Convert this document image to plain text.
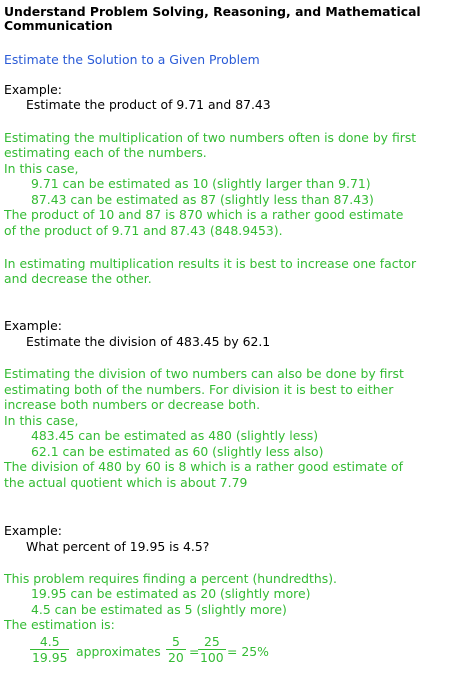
Understand Problem Solving, Reasoning, and Mathematical Communication
Estimate the Solution to a Given Problem
Example:
Estimate the product of 9.71 and 87.43
Estimating the multiplication of two numbers often is done by first
estimating each of the numbers.
In this case,
9.71 can be estimated as 10 (slightly larger than 9.71)
87.43 can be estimated as 87 (slightly less than 87.43)
The product of 10 and 87 is 870 which is a rather good estimate
of the product of 9.71 and 87.43 (848.9453).
In estimating multiplication results it is best to increase one factor
and decrease the other.
Example:
Estimate the division of 483.45 by 62.1
Estimating the division of two numbers can also be done by first
estimating both of the numbers. For division it is best to either
increase both numbers or decrease both.
In this case,
483.45 can be estimated as 480 (slightly less)
62.1 can be estimated as 60 (slightly less also)
The division of 480 by 60 is 8 which is a rather good estimate of
the actual quotient which is about 7.79
Example:
What percent of 19.95 is 4.5?
This problem requires finding a percent (hundredths).
19.95 can be estimated as 20 (slightly more)
4.5 can be estimated as 5 (slightly more)
The estimation is:
$\frac{4.5}{19.95}$ approximates $\frac{5}{20}$ =
$\frac{25}{100} = 25\%$
